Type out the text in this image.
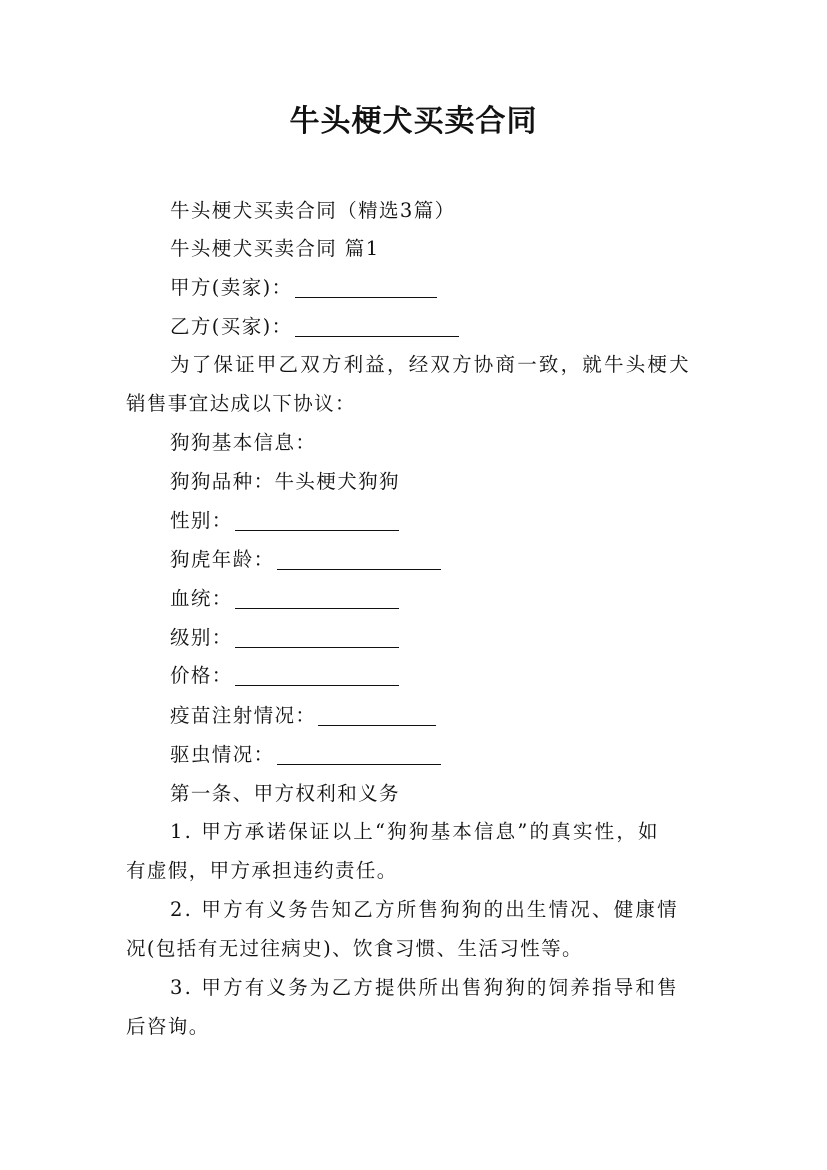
牛头梗犬买卖合同
牛头梗犬买卖合同（精选3篇）
牛头梗犬买卖合同 篇1
甲方(卖家)：
乙方(买家)：
为了保证甲乙双方利益，经双方协商一致，就牛头梗犬
销售事宜达成以下协议：
狗狗基本信息：
狗狗品种：牛头梗犬狗狗
性别：
狗虎年龄：
血统：
级别：
价格：
疫苗注射情况：
驱虫情况：
第一条、甲方权利和义务
1. 甲方承诺保证以上“狗狗基本信息”的真实性，如
有虚假，甲方承担违约责任。
2. 甲方有义务告知乙方所售狗狗的出生情况、健康情
况(包括有无过往病史)、饮食习惯、生活习性等。
3. 甲方有义务为乙方提供所出售狗狗的饲养指导和售
后咨询。
